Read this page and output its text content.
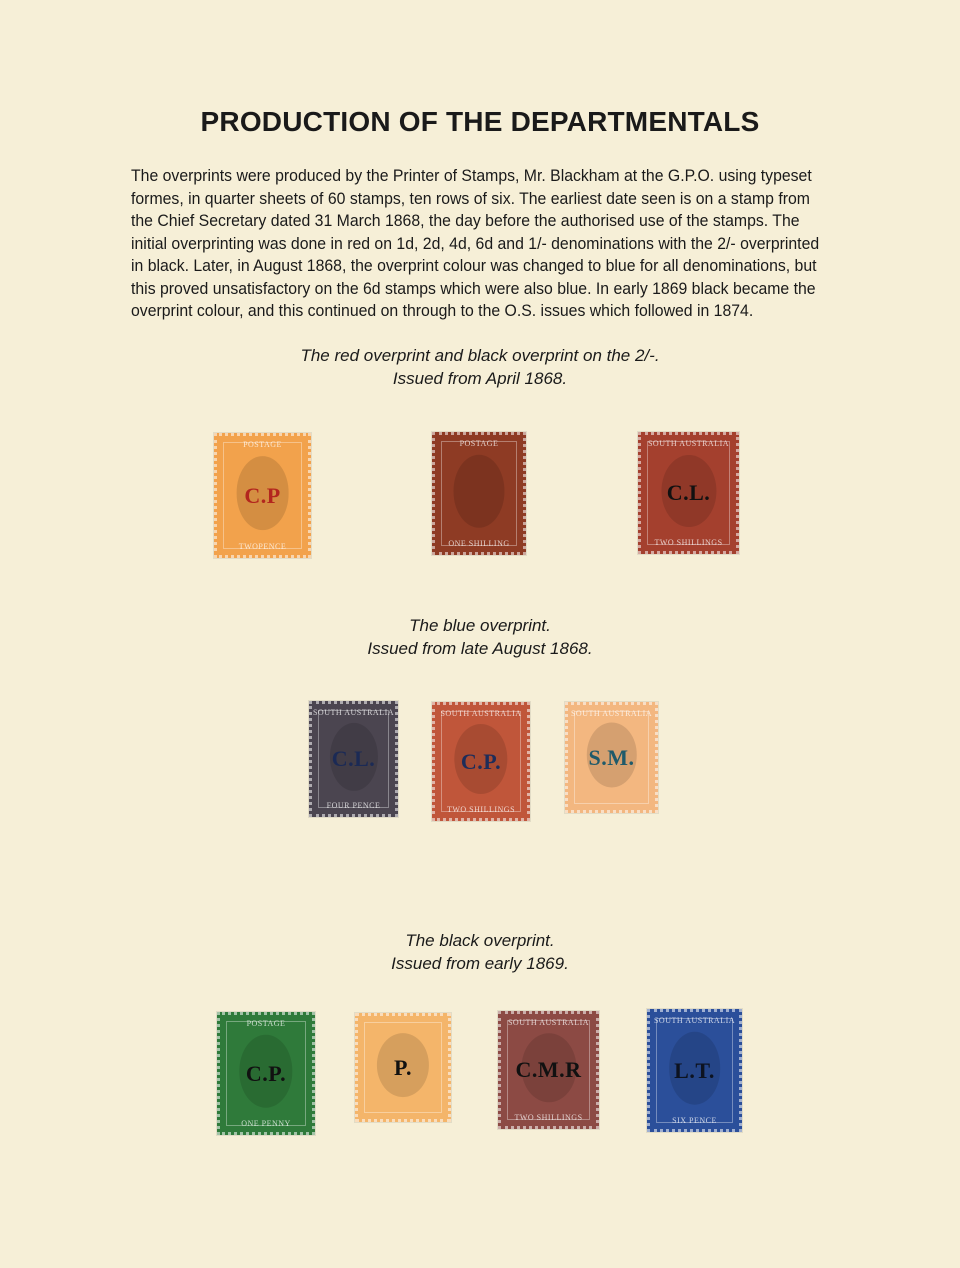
PRODUCTION OF THE DEPARTMENTALS
The overprints were produced by the Printer of Stamps, Mr. Blackham at the G.P.O. using typeset
formes, in quarter sheets of 60 stamps, ten rows of six. The earliest date seen is on a stamp from
the Chief Secretary dated 31 March 1868, the day before the authorised use of the stamps. The
initial overprinting was done in red on 1d, 2d, 4d, 6d and 1/- denominations with the 2/- overprinted
in black. Later, in August 1868, the overprint colour was changed to blue for all denominations, but
this proved unsatisfactory on the 6d stamps which were also blue. In early 1869 black became the
overprint colour, and this continued on through to the O.S. issues which followed in 1874.
The red overprint and black overprint on the 2/-.
Issued from April 1868.
POSTAGE
C.P
TWOPENCE
POSTAGE
ONE SHILLING
SOUTH AUSTRALIA
C.L.
TWO SHILLINGS
The blue overprint.
Issued from late August 1868.
SOUTH AUSTRALIA
C.L.
FOUR PENCE
SOUTH AUSTRALIA
C.P.
TWO SHILLINGS
SOUTH AUSTRALIA
S.M.
The black overprint.
Issued from early 1869.
POSTAGE
C.P.
ONE PENNY
P.
SOUTH AUSTRALIA
C.M.R
TWO SHILLINGS
SOUTH AUSTRALIA
L.T.
SIX PENCE
